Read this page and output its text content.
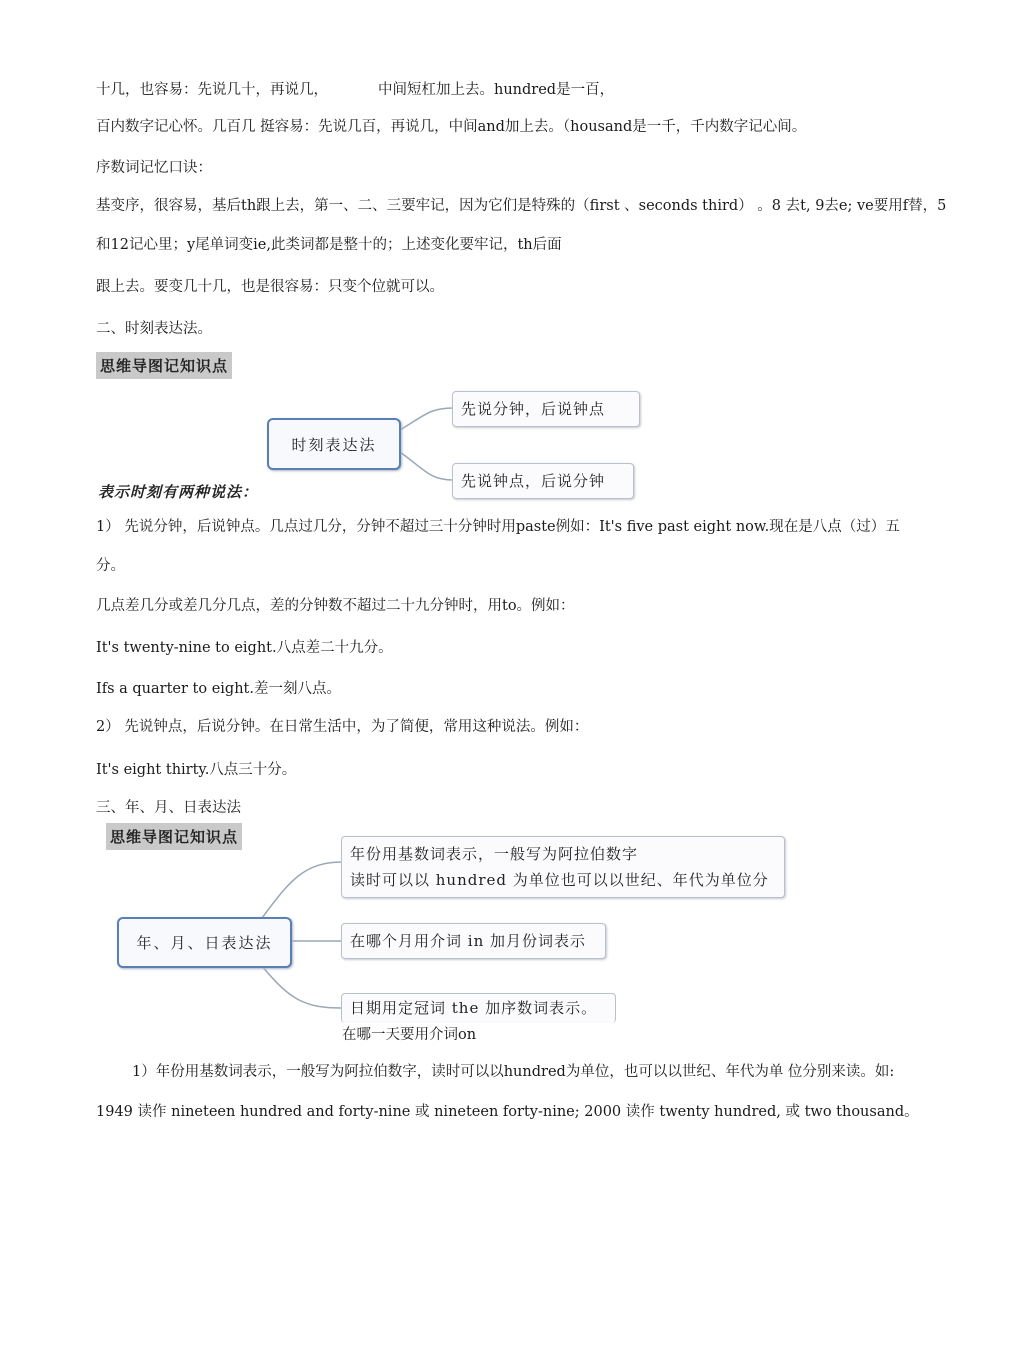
十几，也容易：先说几十，再说几，	中间短杠加上去。hundred是一百，
百内数字记心怀。几百几 挺容易：先说几百，再说几，中间and加上去。（housand是一千，千内数字记心间。
序数词记忆口诀：
基变序，很容易，基后th跟上去，第一、二、三要牢记，因为它们是特殊的（first 、seconds third） 。8 去t, 9去e; ve要用f替，5
和12记心里；y尾单词变ie,此类词都是整十的；上述变化要牢记，th后面
跟上去。要变几十几，也是很容易：只变个位就可以。
二、时刻表达法。
思维导图记知识点
时刻表达法
先说分钟，后说钟点
先说钟点，后说分钟
表示时刻有两种说法：
1） 先说分钟，后说钟点。几点过几分，分钟不超过三十分钟时用paste例如：It's five past eight now.现在是八点（过）五
分。
几点差几分或差几分几点，差的分钟数不超过二十九分钟时，用to。例如：
It's twenty-nine to eight.八点差二十九分。
Ifs a quarter to eight.差一刻八点。
2） 先说钟点，后说分钟。在日常生活中，为了简便，常用这种说法。例如：
It's eight thirty.八点三十分。
三、年、月、日表达法
思维导图记知识点
年、月、日表达法
年份用基数词表示，一般写为阿拉伯数字
读时可以以 hundred 为单位也可以以世纪、年代为单位分
在哪个月用介词 in 加月份词表示
日期用定冠词 the 加序数词表示。
在哪一天要用介词on
1）年份用基数词表示，一般写为阿拉伯数字，读时可以以hundred为单位，也可以以世纪、年代为单 位分别来读。如:
1949 读作 nineteen hundred and forty-nine 或 nineteen forty-nine; 2000 读作 twenty hundred, 或 two thousand。
